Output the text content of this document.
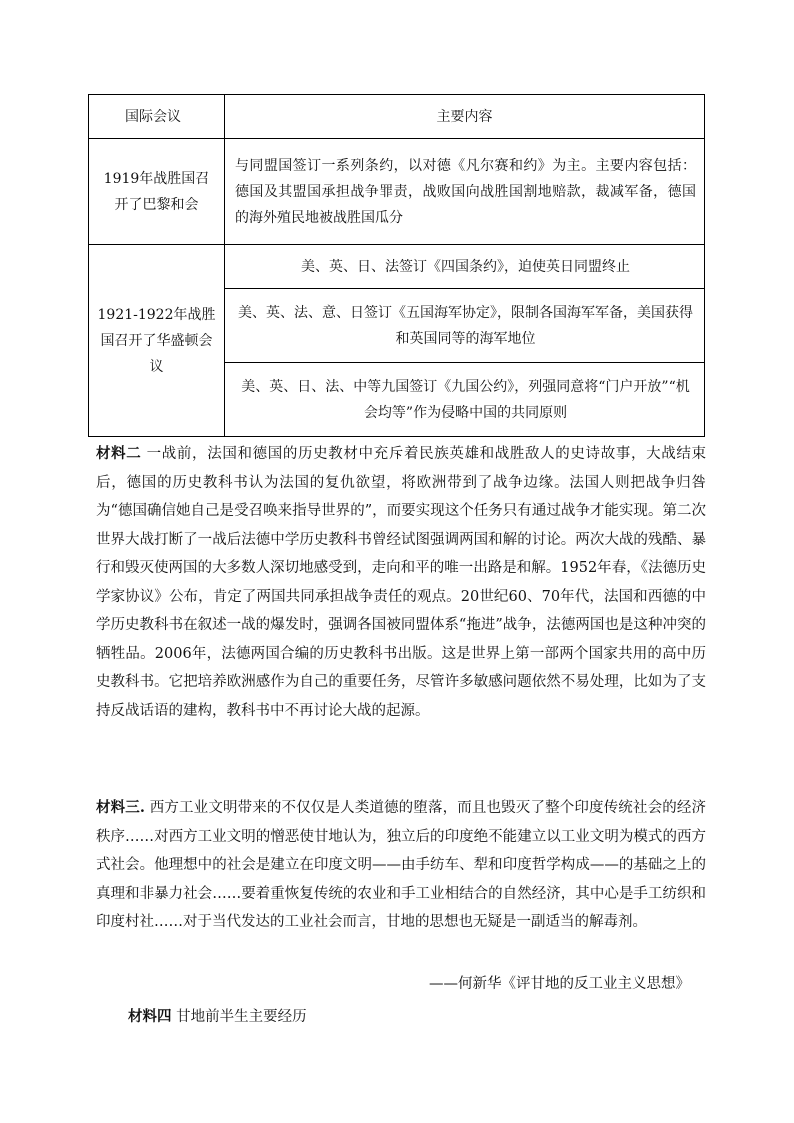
国际会议	主要内容
1919年战胜国召开了巴黎和会	与同盟国签订一系列条约，以对德《凡尔赛和约》为主。主要内容包括：德国及其盟国承担战争罪责，战败国向战胜国割地赔款，裁减军备，德国的海外殖民地被战胜国瓜分
1921-1922年战胜国召开了华盛顿会议	美、英、日、法签订《四国条约》，迫使英日同盟终止
	美、英、法、意、日签订《五国海军协定》，限制各国海军军备，美国获得和英国同等的海军地位
	美、英、日、法、中等九国签订《九国公约》，列强同意将“门户开放”“机会均等”作为侵略中国的共同原则
材料二 一战前，法国和德国的历史教材中充斥着民族英雄和战胜敌人的史诗故事，大战结束后，德国的历史教科书认为法国的复仇欲望，将欧洲带到了战争边缘。法国人则把战争归咎为“德国确信她自己是受召唤来指导世界的”，而要实现这个任务只有通过战争才能实现。第二次世界大战打断了一战后法德中学历史教科书曾经试图强调两国和解的讨论。两次大战的残酷、暴行和毁灭使两国的大多数人深切地感受到，走向和平的唯一出路是和解。1952年春，《法德历史学家协议》公布，肯定了两国共同承担战争责任的观点。20世纪60、70年代，法国和西德的中学历史教科书在叙述一战的爆发时，强调各国被同盟体系“拖进”战争，法德两国也是这种冲突的牺牲品。2006年，法德两国合编的历史教科书出版。这是世界上第一部两个国家共用的高中历史教科书。它把培养欧洲感作为自己的重要任务，尽管许多敏感问题依然不易处理，比如为了支持反战话语的建构，教科书中不再讨论大战的起源。
材料三. 西方工业文明带来的不仅仅是人类道德的堕落，而且也毁灭了整个印度传统社会的经济秩序……对西方工业文明的憎恶使甘地认为，独立后的印度绝不能建立以工业文明为模式的西方式社会。他理想中的社会是建立在印度文明——由手纺车、犁和印度哲学构成——的基础之上的真理和非暴力社会……要着重恢复传统的农业和手工业相结合的自然经济，其中心是手工纺织和印度村社……对于当代发达的工业社会而言，甘地的思想也无疑是一副适当的解毒剂。
——何新华《评甘地的反工业主义思想》
材料四 甘地前半生主要经历
